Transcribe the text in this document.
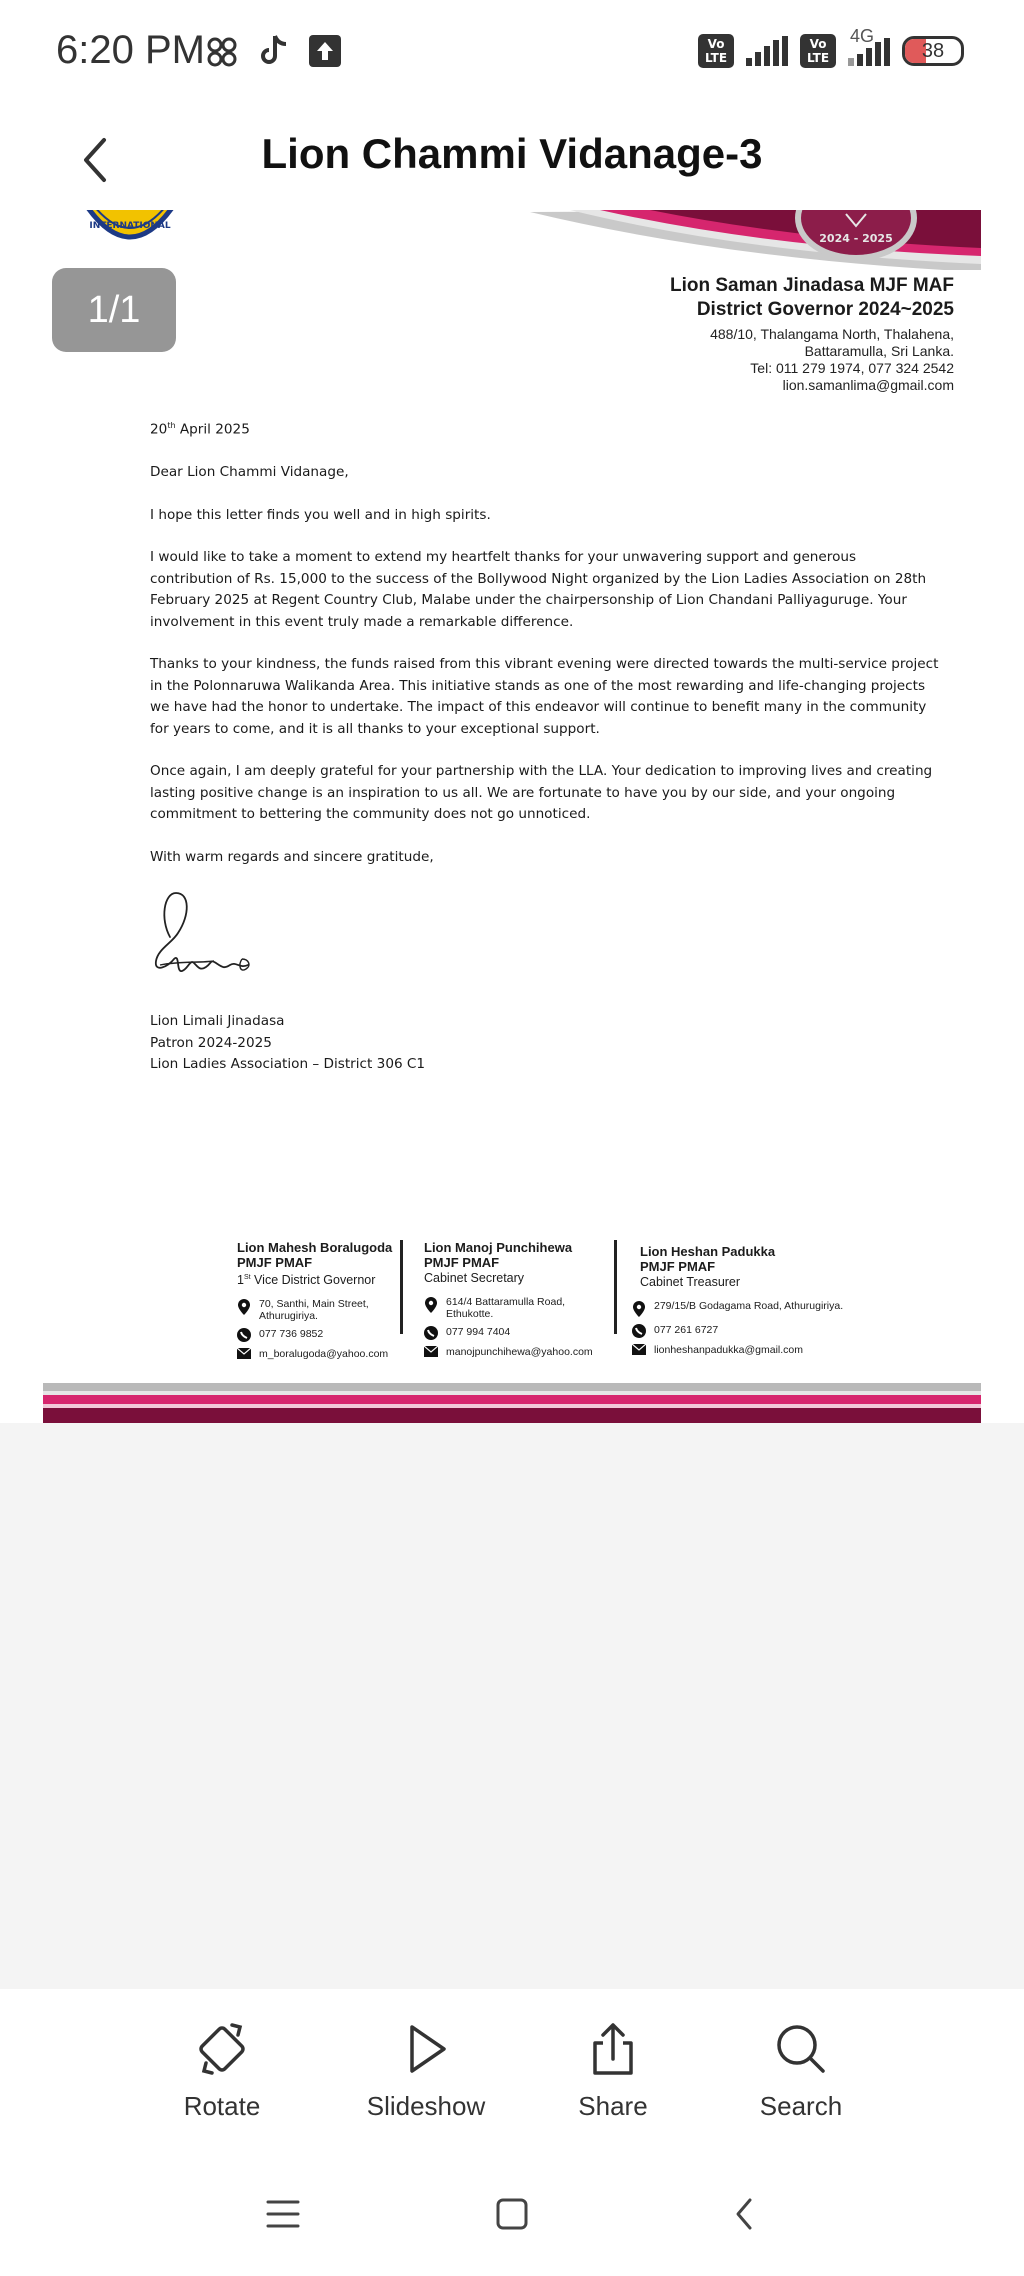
6:20 PM	Vo LTE
Vo LTE
4G
38
Lion Chammi Vidanage-3
INTERNATIONAL
2024 - 2025
1/1
Lion Saman Jinadasa MJF MAF
District Governor 2024~2025
488/10, Thalangama North, Thalahena,
Battaramulla, Sri Lanka.
Tel: 011 279 1974, 077 324 2542
lion.samanlima@gmail.com

20th April 2025

Dear Lion Chammi Vidanage,

I hope this letter finds you well and in high spirits.

I would like to take a moment to extend my heartfelt thanks for your unwavering support and generous contribution of Rs. 15,000 to the success of the Bollywood Night organized by the Lion Ladies Association on 28th February 2025 at Regent Country Club, Malabe under the chairpersonship of Lion Chandani Palliyaguruge. Your involvement in this event truly made a remarkable difference.

Thanks to your kindness, the funds raised from this vibrant evening were directed towards the multi-service project in the Polonnaruwa Walikanda Area. This initiative stands as one of the most rewarding and life-changing projects we have had the honor to undertake. The impact of this endeavor will continue to benefit many in the community for years to come, and it is all thanks to your exceptional support.

Once again, I am deeply grateful for your partnership with the LLA. Your dedication to improving lives and creating lasting positive change is an inspiration to us all. We are fortunate to have you by our side, and your ongoing commitment to bettering the community does not go unnoticed.

With warm regards and sincere gratitude,

Lion Limali Jinadasa

Patron 2024-2025

Lion Ladies Association – District 306 C1

Lion Mahesh Boralugoda
PMJF PMAF
1St Vice District Governor
70, Santhi, Main Street, Athurugiriya.
077 736 9852
m_boralugoda@yahoo.com
Lion Manoj Punchihewa
PMJF PMAF
Cabinet Secretary
614/4 Battaramulla Road, Ethukotte.
077 994 7404
manojpunchihewa@yahoo.com
Lion Heshan Padukka
PMJF PMAF
Cabinet Treasurer
279/15/B Godagama Road, Athurugiriya.
077 261 6727
lionheshanpadukka@gmail.com
Rotate	Slideshow	Share	Search
